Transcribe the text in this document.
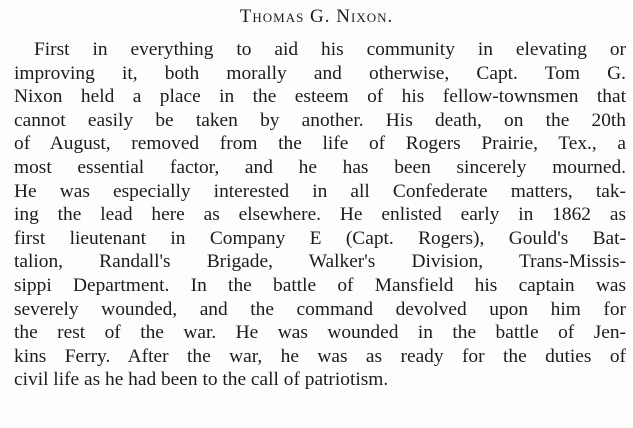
Thomas G. Nixon.
First in everything to aid his community in elevating or
improving it, both morally and otherwise, Capt. Tom G.
Nixon held a place in the esteem of his fellow-townsmen that
cannot easily be taken by another. His death, on the 20th
of August, removed from the life of Rogers Prairie, Tex., a
most essential factor, and he has been sincerely mourned.
He was especially interested in all Confederate matters, tak-
ing the lead here as elsewhere. He enlisted early in 1862 as
first lieutenant in Company E (Capt. Rogers), Gould's Bat-
talion, Randall's Brigade, Walker's Division, Trans-Missis-
sippi Department. In the battle of Mansfield his captain was
severely wounded, and the command devolved upon him for
the rest of the war. He was wounded in the battle of Jen-
kins Ferry. After the war, he was as ready for the duties of
civil life as he had been to the call of patriotism.
